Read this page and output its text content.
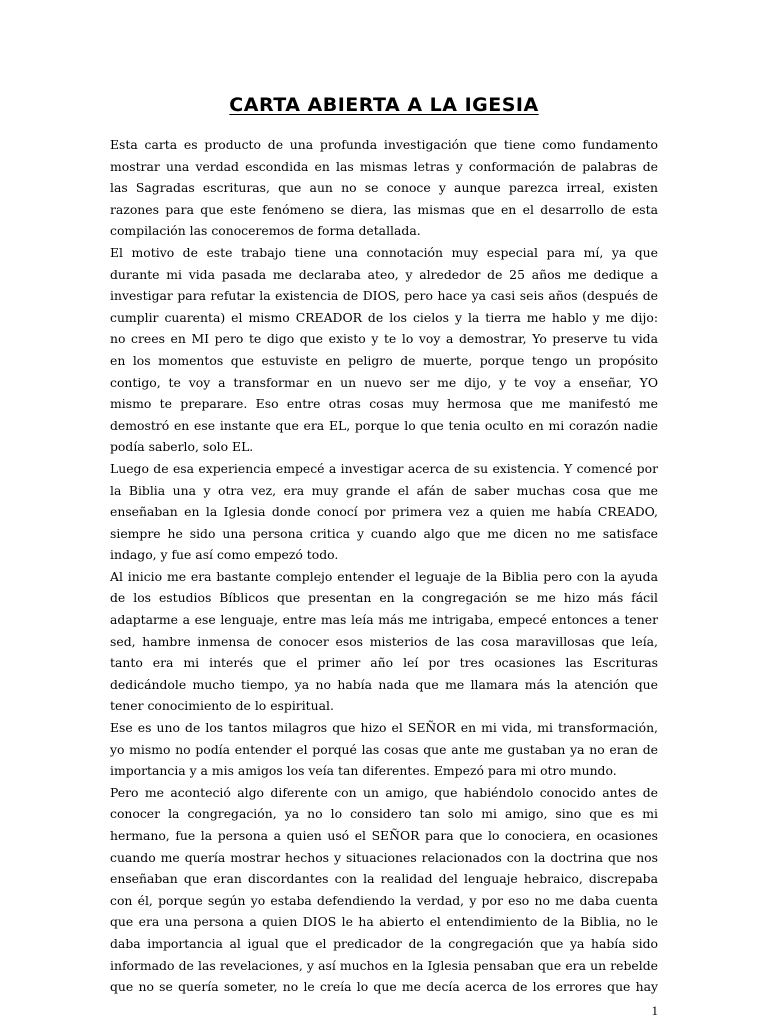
CARTA ABIERTA A LA IGESIA
Esta carta es producto de una profunda investigación que tiene como fundamento
mostrar una verdad escondida en las mismas letras y conformación de palabras de
las Sagradas escrituras, que aun no se conoce y aunque parezca irreal, existen
razones para que este fenómeno se diera, las mismas que en el desarrollo de esta
compilación las conoceremos de forma detallada.
El motivo de este trabajo tiene una connotación muy especial para mí, ya que
durante mi vida pasada me declaraba ateo, y alrededor de 25 años me dedique a
investigar para refutar la existencia de DIOS, pero hace ya casi seis años (después de
cumplir cuarenta) el mismo CREADOR de los cielos y la tierra me hablo y me dijo:
no crees en MI pero te digo que existo y te lo voy a demostrar, Yo preserve tu vida
en los momentos que estuviste en peligro de muerte, porque tengo un propósito
contigo, te voy a transformar en un nuevo ser me dijo, y te voy a enseñar, YO
mismo te prepararе. Eso entre otras cosas muy hermosa que me manifestó me
demostró en ese instante que era EL, porque lo que tenia oculto en mi corazón nadie
podía saberlo, solo EL.
Luego de esa experiencia empecé a investigar acerca de su existencia. Y comencé por
la Biblia una y otra vez, era muy grande el afán de saber muchas cosa que me
enseñaban en la Iglesia donde conocí por primera vez a quien me había CREADO,
siempre he sido una persona critica y cuando algo que me dicen no me satisface
indago, y fue así como empezó todo.
Al inicio me era bastante complejo entender el leguaje de la Biblia pero con la ayuda
de los estudios Bíblicos que presentan en la congregación se me hizo más fácil
adaptarme a ese lenguaje, entre mas leía más me intrigaba, empecé entonces a tener
sed, hambre inmensa de conocer esos misterios de las cosa maravillosas que leía,
tanto era mi interés que el primer año leí por tres ocasiones las Escrituras
dedicándole mucho tiempo, ya no había nada que me llamara más la atención que
tener conocimiento de lo espiritual.
Ese es uno de los tantos milagros que hizo el SEÑOR en mi vida, mi transformación,
yo mismo no podía entender el porqué las cosas que ante me gustaban ya no eran de
importancia y a mis amigos los veía tan diferentes. Empezó para mi otro mundo.
Pero me aconteció algo diferente con un amigo, que habiéndolo conocido antes de
conocer la congregación, ya no lo considero tan solo mi amigo, sino que es mi
hermano, fue la persona a quien usó el SEÑOR para que lo conociera, en ocasiones
cuando me quería mostrar hechos y situaciones relacionados con la doctrina que nos
enseñaban que eran discordantes con la realidad del lenguaje hebraico, discrepaba
con él, porque según yo estaba defendiendo la verdad, y por eso no me daba cuenta
que era una persona a quien DIOS le ha abierto el entendimiento de la Biblia, no le
daba importancia al igual que el predicador de la congregación que ya había sido
informado de las revelaciones, y así muchos en la Iglesia pensaban que era un rebelde
que no se quería someter, no le creía lo que me decía acerca de los errores que hay
1
